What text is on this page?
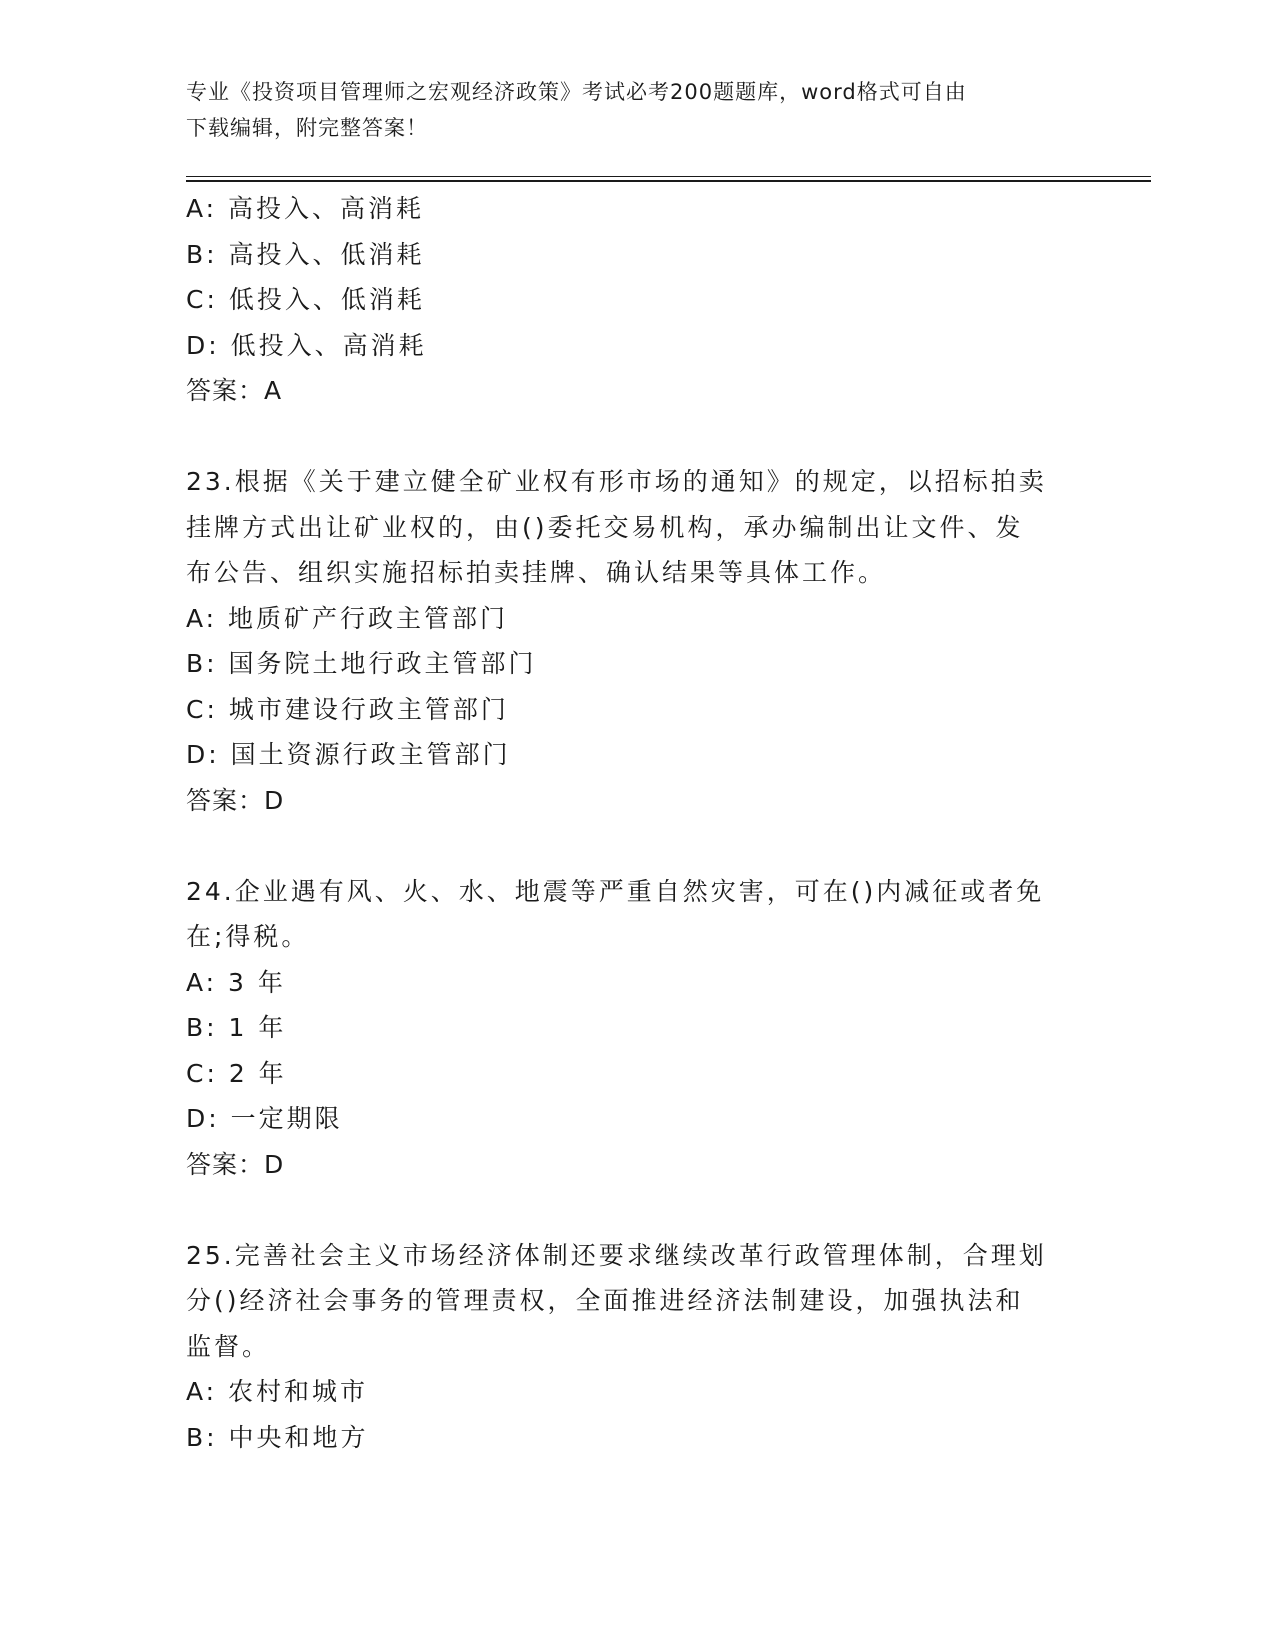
专业《投资项目管理师之宏观经济政策》考试必考200题题库，word格式可自由

下载编辑，附完整答案！

A: 高投入、高消耗
B: 高投入、低消耗
C: 低投入、低消耗
D: 低投入、高消耗
答案：A
23.根据《关于建立健全矿业权有形市场的通知》的规定，以招标拍卖
挂牌方式出让矿业权的，由()委托交易机构，承办编制出让文件、发
布公告、组织实施招标拍卖挂牌、确认结果等具体工作。
A: 地质矿产行政主管部门
B: 国务院土地行政主管部门
C: 城市建设行政主管部门
D: 国土资源行政主管部门
答案：D
24.企业遇有风、火、水、地震等严重自然灾害，可在()内减征或者免
在;得税。
A: 3 年
B: 1 年
C: 2 年
D: 一定期限
答案：D
25.完善社会主义市场经济体制还要求继续改革行政管理体制，合理划
分()经济社会事务的管理责权，全面推进经济法制建设，加强执法和
监督。
A: 农村和城市
B: 中央和地方
